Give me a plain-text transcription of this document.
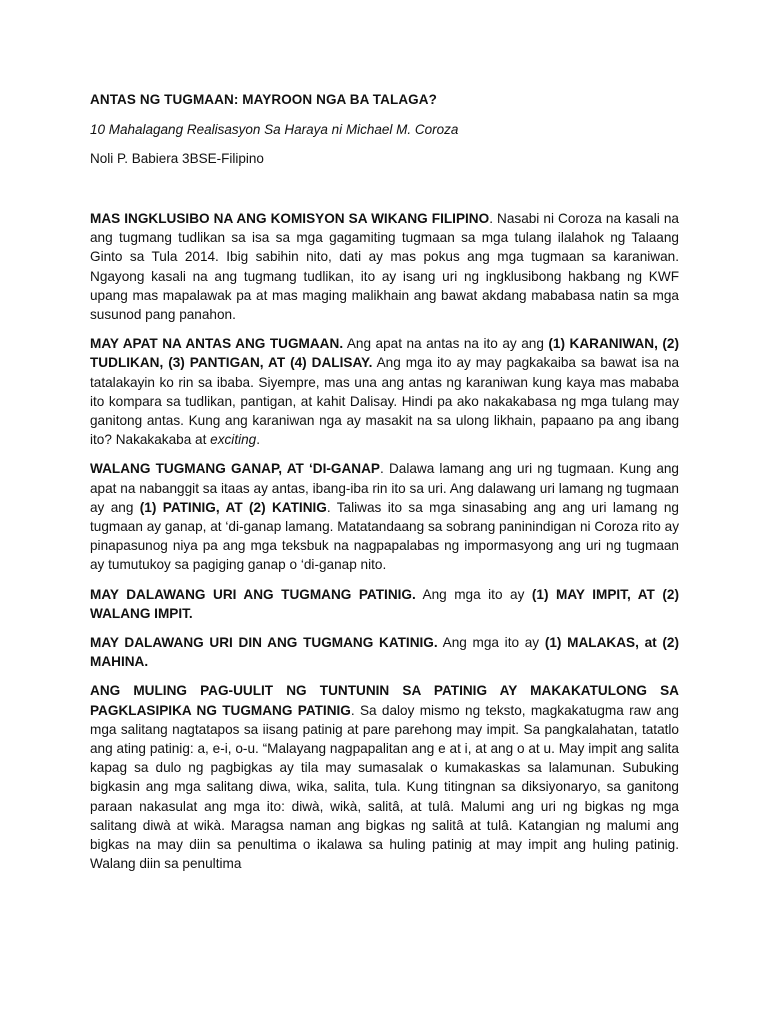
ANTAS NG TUGMAAN: MAYROON NGA BA TALAGA?
10 Mahalagang Realisasyon Sa Haraya ni Michael M. Coroza
Noli P. Babiera 3BSE-Filipino

MAS INGKLUSIBO NA ANG KOMISYON SA WIKANG FILIPINO. Nasabi ni Coroza na kasali na ang tugmang tudlikan sa isa sa mga gagamiting tugmaan sa mga tulang ilalahok ng Talaang Ginto sa Tula 2014. Ibig sabihin nito, dati ay mas pokus ang mga tugmaan sa karaniwan. Ngayong kasali na ang tugmang tudlikan, ito ay isang uri ng ingklusibong hakbang ng KWF upang mas mapalawak pa at mas maging malikhain ang bawat akdang mababasa natin sa mga susunod pang panahon.

MAY APAT NA ANTAS ANG TUGMAAN. Ang apat na antas na ito ay ang (1) KARANIWAN, (2) TUDLIKAN, (3) PANTIGAN, AT (4) DALISAY. Ang mga ito ay may pagkakaiba sa bawat isa na tatalakayin ko rin sa ibaba. Siyempre, mas una ang antas ng karaniwan kung kaya mas mababa ito kompara sa tudlikan, pantigan, at kahit Dalisay. Hindi pa ako nakakabasa ng mga tulang may ganitong antas. Kung ang karaniwan nga ay masakit na sa ulong likhain, papaano pa ang ibang ito? Nakakakaba at exciting.

WALANG TUGMANG GANAP, AT ‘DI-GANAP. Dalawa lamang ang uri ng tugmaan. Kung ang apat na nabanggit sa itaas ay antas, ibang-iba rin ito sa uri. Ang dalawang uri lamang ng tugmaan ay ang (1) PATINIG, AT (2) KATINIG. Taliwas ito sa mga sinasabing ang ang uri lamang ng tugmaan ay ganap, at ‘di-ganap lamang. Matatandaang sa sobrang paninindigan ni Coroza rito ay pinapasunog niya pa ang mga teksbuk na nagpapalabas ng impormasyong ang uri ng tugmaan ay tumutukoy sa pagiging ganap o ‘di-ganap nito.

MAY DALAWANG URI ANG TUGMANG PATINIG. Ang mga ito ay (1) MAY IMPIT, AT (2) WALANG IMPIT.

MAY DALAWANG URI DIN ANG TUGMANG KATINIG. Ang mga ito ay (1) MALAKAS, at (2) MAHINA.

ANG MULING PAG-UULIT NG TUNTUNIN SA PATINIG AY MAKAKATULONG SA PAGKLASIPIKA NG TUGMANG PATINIG. Sa daloy mismo ng teksto, magkakatugma raw ang mga salitang nagtatapos sa iisang patinig at pare parehong may impit. Sa pangkalahatan, tatatlo ang ating patinig: a, e-i, o-u. “Malayang nagpapalitan ang e at i, at ang o at u. May impit ang salita kapag sa dulo ng pagbigkas ay tila may sumasalak o kumakaskas sa lalamunan. Subuking bigkasin ang mga salitang diwa, wika, salita, tula. Kung titingnan sa diksiyonaryo, sa ganitong paraan nakasulat ang mga ito: diwà, wikà, salitâ, at tulâ. Malumi ang uri ng bigkas ng mga salitang diwà at wikà. Maragsa naman ang bigkas ng salitâ at tulâ. Katangian ng malumi ang bigkas na may diin sa penultima o ikalawa sa huling patinig at may impit ang huling patinig. Walang diin sa penultima
